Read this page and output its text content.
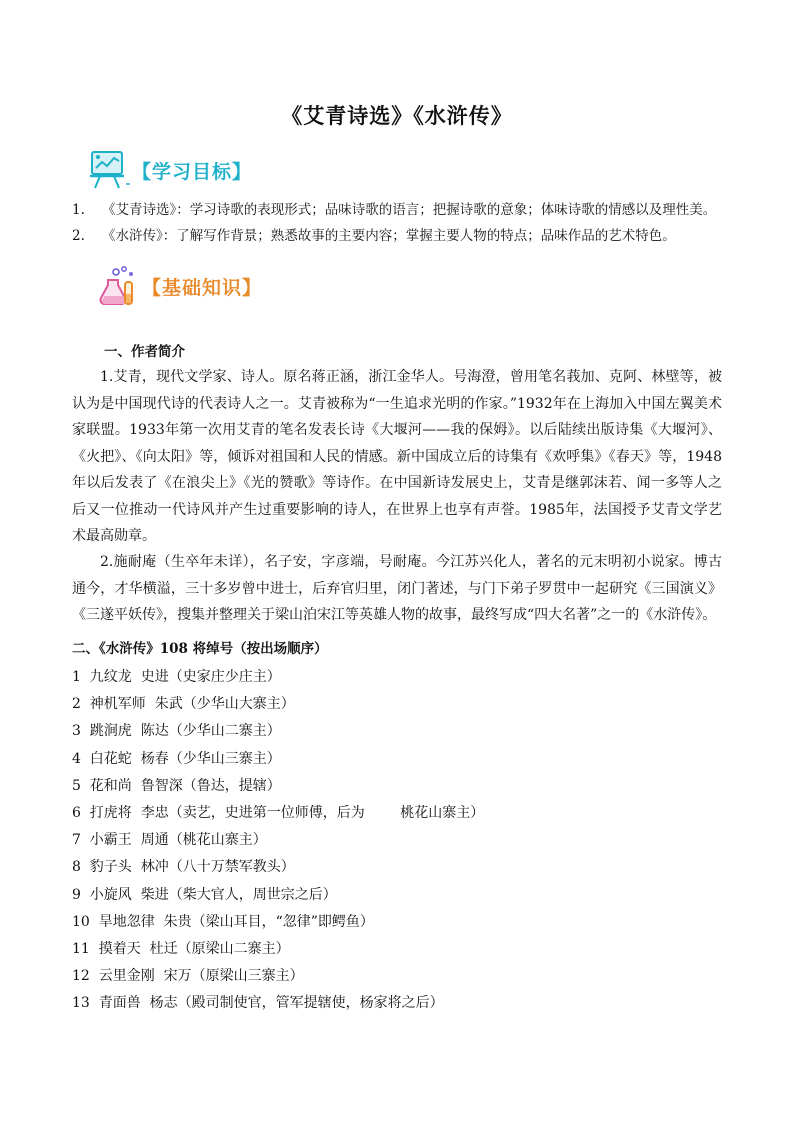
《艾青诗选》《水浒传》
【学习目标】
1.	《艾青诗选》：学习诗歌的表现形式；品味诗歌的语言；把握诗歌的意象；体味诗歌的情感以及理性美。
2.	《水浒传》：了解写作背景；熟悉故事的主要内容；掌握主要人物的特点；品味作品的艺术特色。
【基础知识】
一、作者简介

1.艾青，现代文学家、诗人。原名蒋正涵，浙江金华人。号海澄，曾用笔名莪加、克阿、林壁等，被认为是中国现代诗的代表诗人之一。艾青被称为“一生追求光明的作家。”1932年在上海加入中国左翼美术家联盟。1933年第一次用艾青的笔名发表长诗《大堰河——我的保姆》。以后陆续出版诗集《大堰河》、《火把》、《向太阳》等，倾诉对祖国和人民的情感。新中国成立后的诗集有《欢呼集》《春天》等，1948年以后发表了《在浪尖上》《光的赞歌》等诗作。在中国新诗发展史上，艾青是继郭沫若、闻一多等人之后又一位推动一代诗风并产生过重要影响的诗人，在世界上也享有声誉。1985年，法国授予艾青文学艺术最高勋章。

2.施耐庵（生卒年未详），名子安，字彦端，号耐庵。今江苏兴化人，著名的元末明初小说家。博古通今，才华横溢，三十多岁曾中进士，后弃官归里，闭门著述，与门下弟子罗贯中一起研究《三国演义》《三遂平妖传》，搜集并整理关于梁山泊宋江等英雄人物的故事，最终写成“四大名著”之一的《水浒传》。

二、《水浒传》108 将绰号（按出场顺序）
1  九纹龙  史进（史家庄少庄主）
2  神机军师  朱武（少华山大寨主）
3  跳涧虎  陈达（少华山二寨主）
4  白花蛇  杨春（少华山三寨主）
5  花和尚  鲁智深（鲁达，提辖）
6  打虎将  李忠（卖艺，史进第一位师傅，后为        桃花山寨主）
7  小霸王  周通（桃花山寨主）
8  豹子头  林冲（八十万禁军教头）
9  小旋风  柴进（柴大官人，周世宗之后）
10  旱地忽律  朱贵（梁山耳目，“忽律”即鳄鱼）
11  摸着天  杜迁（原梁山二寨主）
12  云里金刚  宋万（原梁山三寨主）
13  青面兽  杨志（殿司制使官，管军提辖使，杨家将之后）
